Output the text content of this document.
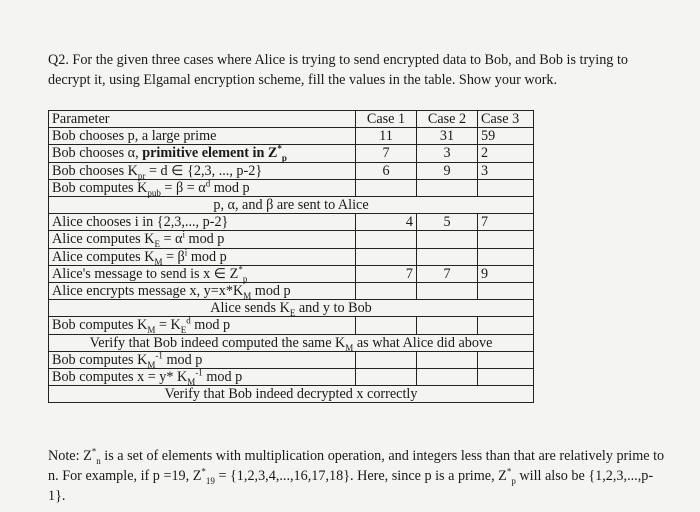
Q2. For the given three cases where Alice is trying to send encrypted data to Bob, and Bob is trying to decrypt it, using Elgamal encryption scheme, fill the values in the table. Show your work.
Parameter	Case 1	Case 2	Case 3
Bob chooses p, a large prime	11	31	59
Bob chooses α, primitive element in $Z^*_p$	7	3	2
Bob chooses $K_{pr} = d$ ∈ {2,3, ..., p-2}	6	9	3
Bob computes $K_{pub} = \beta = \alpha^d$ mod p			
p, α, and β are sent to Alice			
Alice chooses i in {2,3,..., p-2}	4	5	7
Alice computes $K_E = \alpha^i$ mod p			
Alice computes $K_M = \beta^i$ mod p			
Alice's message to send is x ∈ $Z^*_p$	7	7	9
Alice encrypts message x, $y=x*K_M$ mod p			
Alice sends $K_E$ and y to Bob			
Bob computes $K_M = K_E^d$ mod p			
Verify that Bob indeed computed the same $K_M$ as what Alice did above			
Bob computes $K_M^{-1}$ mod p			
Bob computes x = y* $K_M^{-1}$ mod p			
Verify that Bob indeed decrypted x correctly			
Note: $Z^*_n$ is a set of elements with multiplication operation, and integers less than that are relatively prime to n. For example, if p =19, $Z^*_{19} = \{1,2,3,4,...,16,17,18\}$. Here, since p is a prime, $Z^*_p$ will also be {1,2,3,...,p-1}.
